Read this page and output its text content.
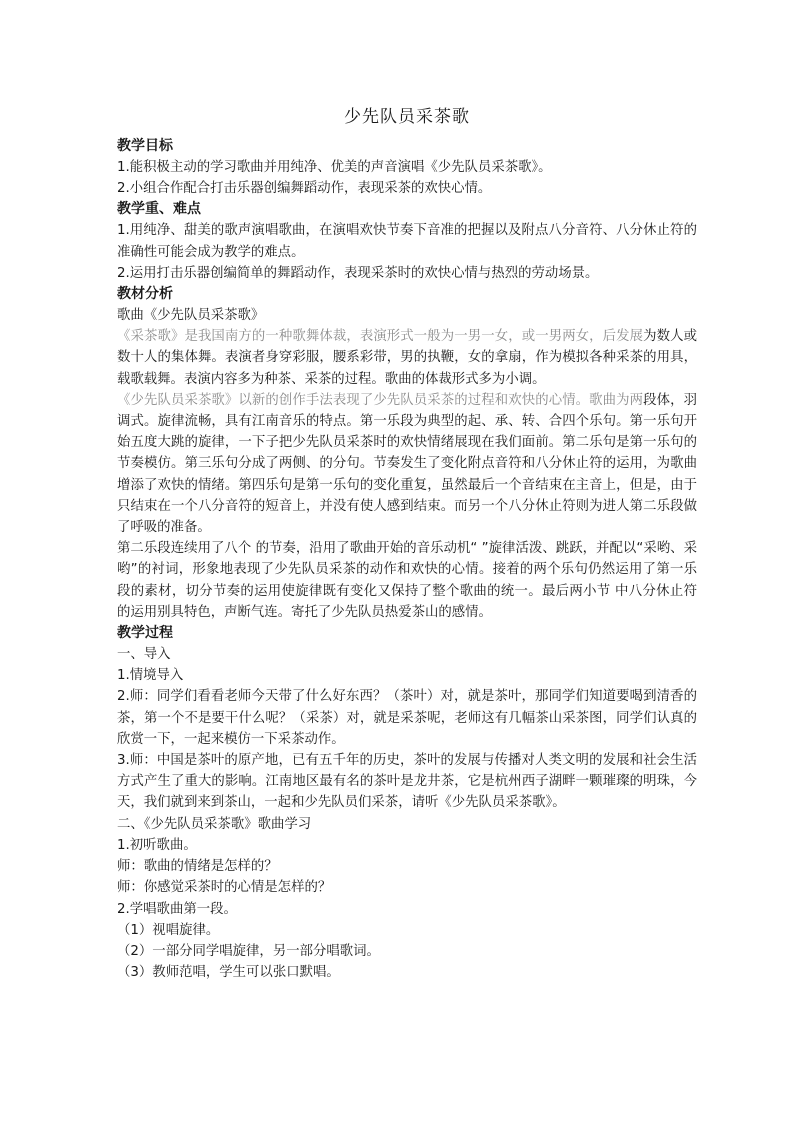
少先队员采茶歌
教学目标

1.能积极主动的学习歌曲并用纯净、优美的声音演唱《少先队员采茶歌》。

2.小组合作配合打击乐器创编舞蹈动作，表现采茶的欢快心情。

教学重、难点

1.用纯净、甜美的歌声演唱歌曲，在演唱欢快节奏下音准的把握以及附点八分音符、八分休止符的准确性可能会成为教学的难点。

2.运用打击乐器创编简单的舞蹈动作，表现采茶时的欢快心情与热烈的劳动场景。

教材分析

歌曲《少先队员采茶歌》

《采茶歌》是我国南方的一种歌舞体裁，表演形式一般为一男一女，或一男两女，后发展为数人或数十人的集体舞。表演者身穿彩服，腰系彩带，男的执鞭，女的拿扇，作为模拟各种采茶的用具，载歌载舞。表演内容多为种茶、采茶的过程。歌曲的体裁形式多为小调。

《少先队员采茶歌》以新的创作手法表现了少先队员采茶的过程和欢快的心情。歌曲为两段体，羽调式。旋律流畅，具有江南音乐的特点。第一乐段为典型的起、承、转、合四个乐句。第一乐句开始五度大跳的旋律，一下子把少先队员采茶时的欢快情绪展现在我们面前。第二乐句是第一乐句的节奏模仿。第三乐句分成了两侧、的分句。节奏发生了变化附点音符和八分休止符的运用，为歌曲增添了欢快的情绪。第四乐句是第一乐句的变化重复，虽然最后一个音结束在主音上，但是，由于只结束在一个八分音符的短音上，并没有使人感到结束。而另一个八分休止符则为进人第二乐段做了呼吸的准备。

第二乐段连续用了八个 的节奏，沿用了歌曲开始的音乐动机“ ”旋律活泼、跳跃，并配以“采哟、采哟”的衬词，形象地表现了少先队员采茶的动作和欢快的心情。接着的两个乐句仍然运用了第一乐段的素材，切分节奏的运用使旋律既有变化又保持了整个歌曲的统一。最后两小节 中八分休止符的运用别具特色，声断气连。寄托了少先队员热爱茶山的感情。

教学过程

一、导入

1.情境导入

2.师：同学们看看老师今天带了什么好东西？（茶叶）对，就是茶叶，那同学们知道要喝到清香的茶，第一个不是要干什么呢？（采茶）对，就是采茶呢，老师这有几幅茶山采茶图，同学们认真的欣赏一下，一起来模仿一下采茶动作。

3.师：中国是茶叶的原产地，已有五千年的历史，茶叶的发展与传播对人类文明的发展和社会生活方式产生了重大的影响。江南地区最有名的茶叶是龙井茶，它是杭州西子湖畔一颗璀璨的明珠，今天，我们就到来到茶山，一起和少先队员们采茶，请听《少先队员采茶歌》。

二、《少先队员采茶歌》歌曲学习

1.初听歌曲。

师：歌曲的情绪是怎样的？

师：你感觉采茶时的心情是怎样的？

2.学唱歌曲第一段。

（1）视唱旋律。

（2）一部分同学唱旋律，另一部分唱歌词。

（3）教师范唱，学生可以张口默唱。
